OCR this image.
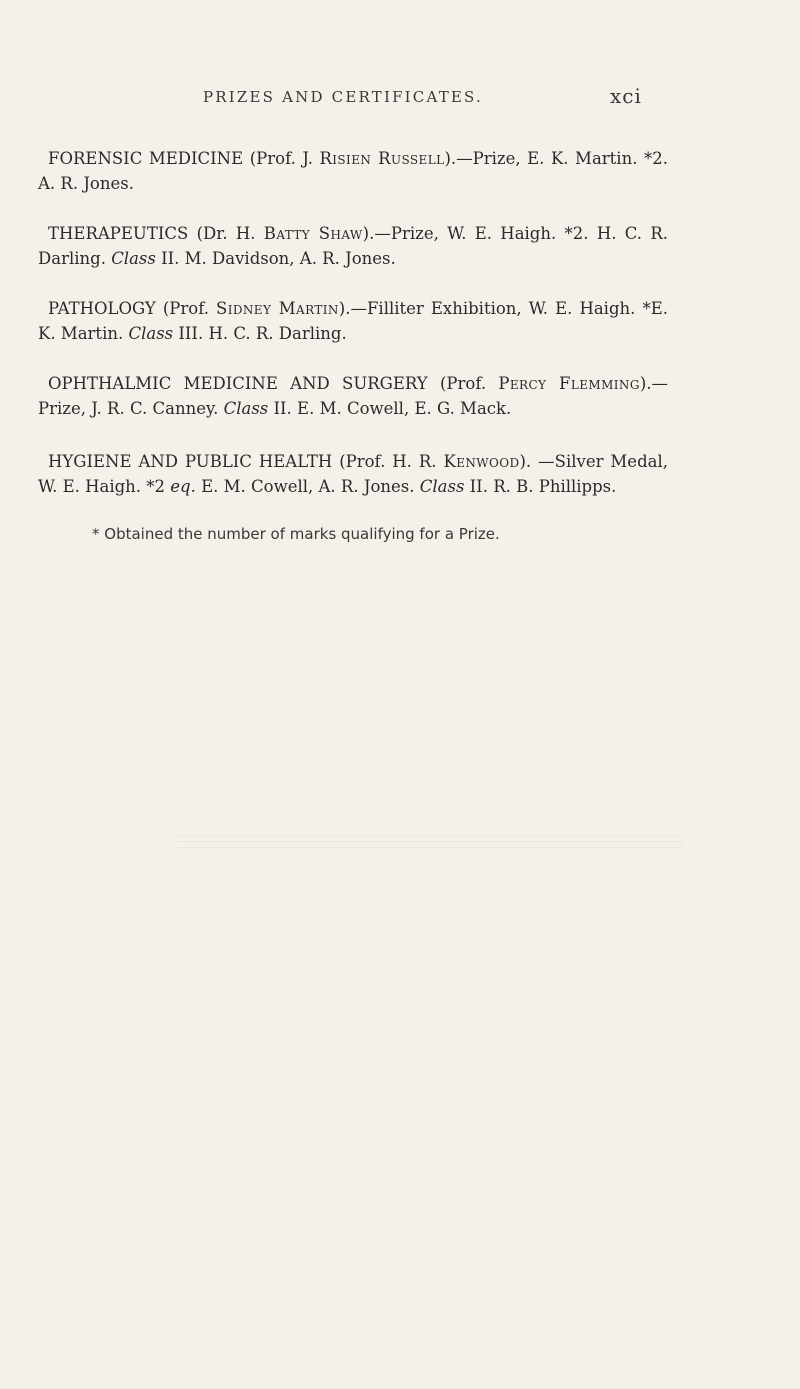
PRIZES AND CERTIFICATES.	xci

FORENSIC MEDICINE (Prof. J. Risien Russell).—Prize, E. K. Martin. *2. A. R. Jones.

THERAPEUTICS (Dr. H. Batty Shaw).—Prize, W. E. Haigh. *2. H. C. R. Darling. Class II. M. Davidson, A. R. Jones.

PATHOLOGY (Prof. Sidney Martin).—Filliter Exhibition, W. E. Haigh. *E. K. Martin. Class III. H. C. R. Darling.

OPHTHALMIC MEDICINE AND SURGERY (Prof. Percy Flemming).—Prize, J. R. C. Canney. Class II. E. M. Cowell, E. G. Mack.

HYGIENE AND PUBLIC HEALTH (Prof. H. R. Kenwood). —Silver Medal, W. E. Haigh. *2 eq. E. M. Cowell, A. R. Jones. Class II. R. B. Phillipps.

* Obtained the number of marks qualifying for a Prize.
